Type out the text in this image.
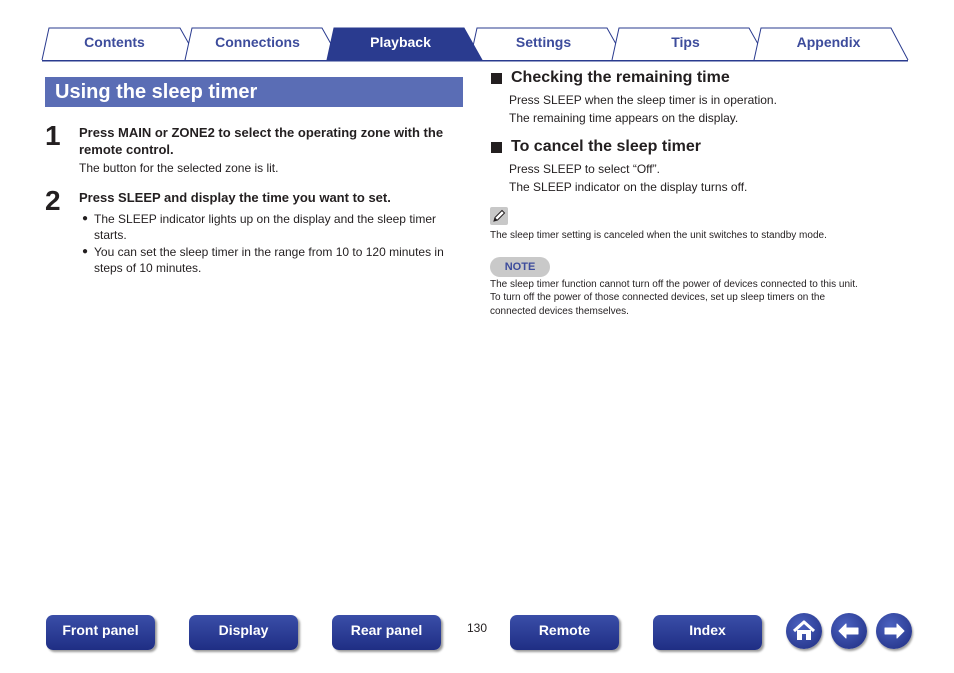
Contents	Connections	Playback	Settings	Tips	Appendix
Using the sleep timer
1 Press MAIN or ZONE2 to select the operating zone with the remote control.
The button for the selected zone is lit.
2 Press SLEEP and display the time you want to set.
● The SLEEP indicator lights up on the display and the sleep timer starts.
● You can set the sleep timer in the range from 10 to 120 minutes in steps of 10 minutes.
Checking the remaining time
Press SLEEP when the sleep timer is in operation.
The remaining time appears on the display.
To cancel the sleep timer
Press SLEEP to select “Off”.
The SLEEP indicator on the display turns off.
The sleep timer setting is canceled when the unit switches to standby mode.
NOTE
The sleep timer function cannot turn off the power of devices connected to this unit.
To turn off the power of those connected devices, set up sleep timers on the
connected devices themselves.
Front panel	Display	Rear panel	130	Remote	Index
